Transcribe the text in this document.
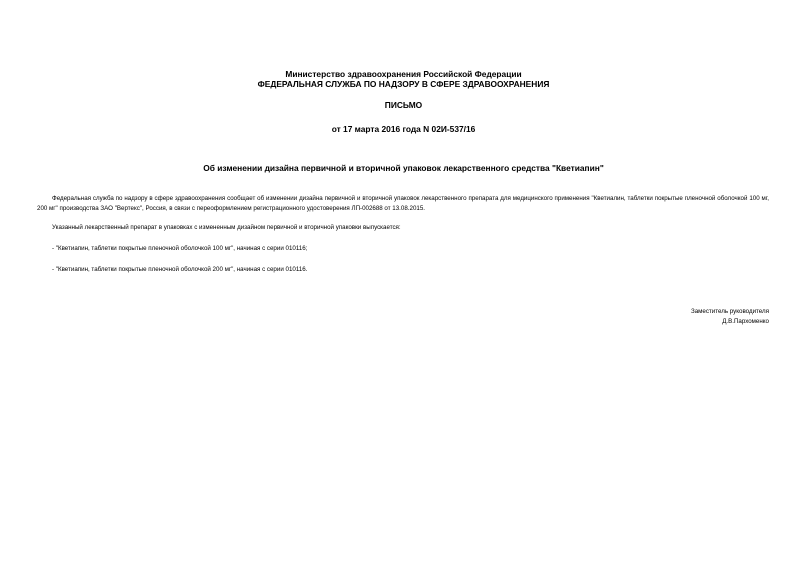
Министерство здравоохранения Российской Федерации
ФЕДЕРАЛЬНАЯ СЛУЖБА ПО НАДЗОРУ В СФЕРЕ ЗДРАВООХРАНЕНИЯ
ПИСЬМО
от 17 марта 2016 года N 02И-537/16
Об изменении дизайна первичной и вторичной упаковок лекарственного средства "Кветиапин"
Федеральная служба по надзору в сфере здравоохранения сообщает об изменении дизайна первичной и вторичной упаковок лекарственного препарата для медицинского применения "Кветиалин, таблетки покрытые пленочной оболочкой 100 мг, 200 мг" производства ЗАО "Вертекс", Россия, в связи с переоформлением регистрационного удостоверения ЛП-002688 от 13.08.2015.
Указанный лекарственный препарат в упаковках с измененным дизайном первичной и вторичной упаковки выпускается:
- "Кветиапин, таблетки покрытые пленочной оболочкой 100 мг", начиная с серии 010116;
- "Кветиапин, таблетки покрытые пленочной оболочкой 200 мг", начиная с серии 010116.
Заместитель руководителя
Д.В.Пархоменко
